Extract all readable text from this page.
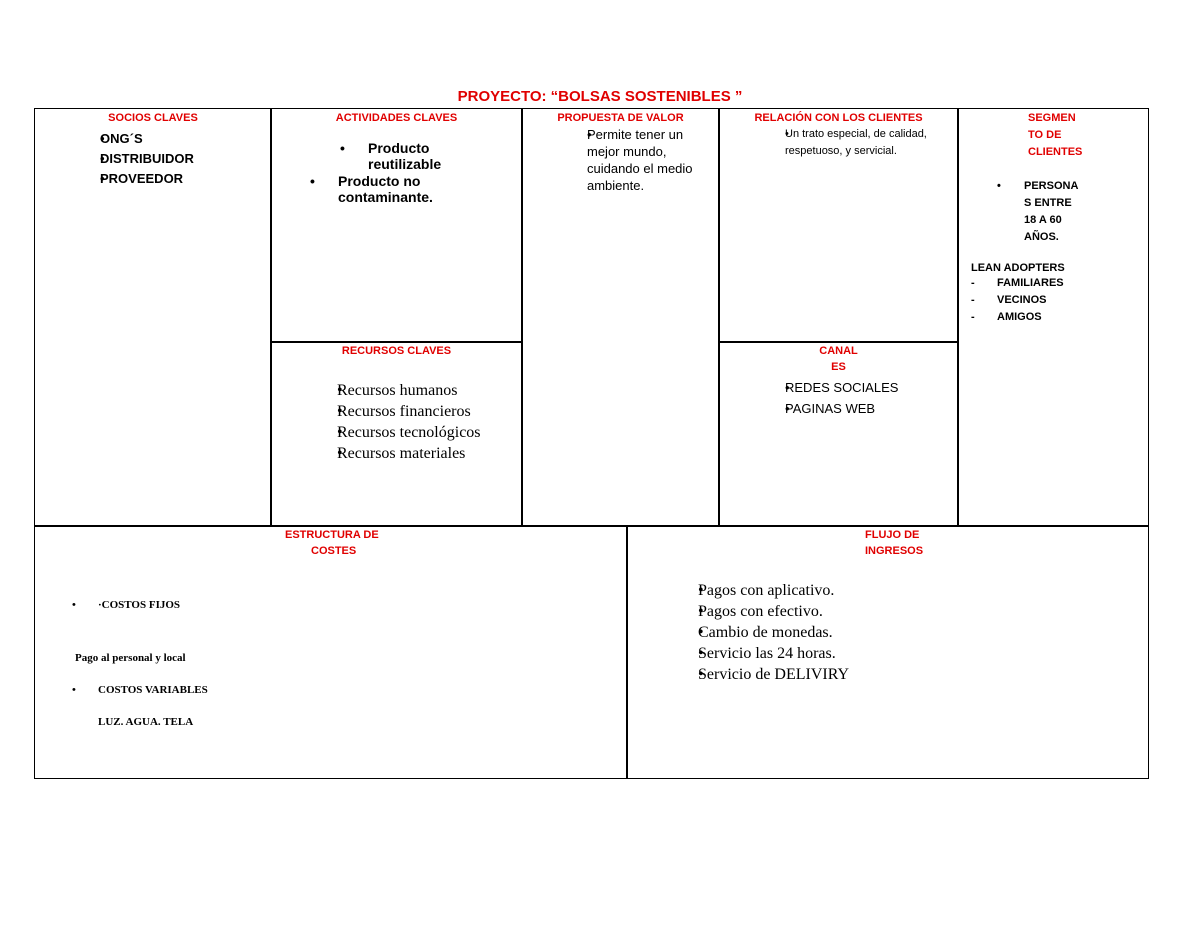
PROYECTO: “BOLSAS SOSTENIBLES ”
SOCIOS CLAVES
• ONG´S
• DISTRIBUIDOR
• PROVEEDOR
ACTIVIDADES CLAVES
• Producto reutilizable
• Producto no contaminante.
RECURSOS CLAVES
• Recursos humanos
• Recursos financieros
• Recursos tecnológicos
• Recursos materiales
PROPUESTA DE VALOR
• Permite tener un mejor mundo, cuidando el medio ambiente.
RELACIÓN CON LOS CLIENTES
• Un trato especial, de calidad, respetuoso, y servicial.
CANAL
ES
• REDES SOCIALES
• PAGINAS WEB
SEGMEN
TO DE
CLIENTES
• PERSONA
S ENTRE
18 A 60
AÑOS.
LEAN ADOPTERS
- FAMILIARES
- VECINOS
- AMIGOS
ESTRUCTURA DE
COSTES
• ·COSTOS FIJOS
Pago al personal y local
• COSTOS VARIABLES
LUZ. AGUA. TELA
FLUJO DE
INGRESOS
• Pagos con aplicativo.
• Pagos con efectivo.
• Cambio de monedas.
• Servicio las 24 horas.
• Servicio de DELIVIRY
